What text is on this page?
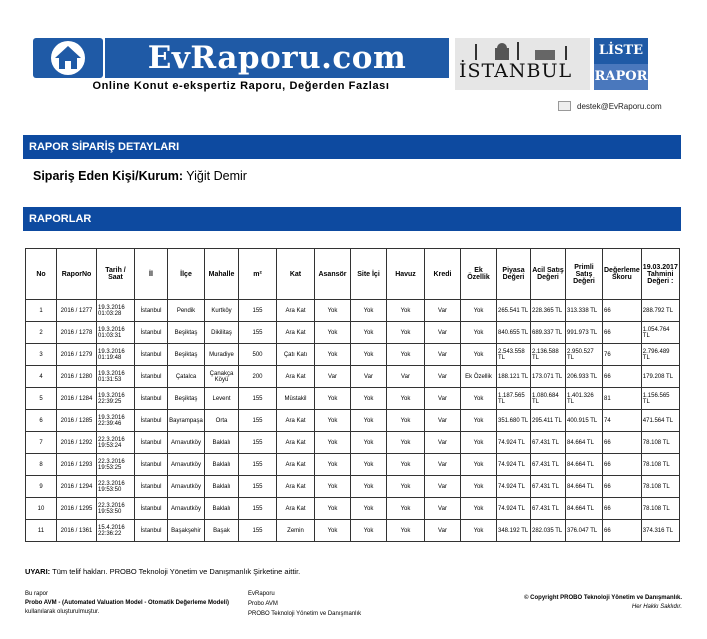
EvRaporu.com
Online Konut e-ekspertiz Raporu, Değerden Fazlası
İSTANBUL
LİSTE
RAPOR
destek@EvRaporu.com
RAPOR SİPARİŞ DETAYLARI
Sipariş Eden Kişi/Kurum: Yiğit Demir
RAPORLAR
No	RaporNo	Tarih / Saat	İl	İlçe	Mahalle	m²	Kat	Asansör	Site İçi	Havuz	Kredi	Ek Özellik	Piyasa Değeri	Acil Satış Değeri	Primli Satış Değeri	Değerleme Skoru	19.03.2017 Tahmini Değeri :
1	2016 / 1277	19.3.2016 01:03:28	İstanbul	Pendik	Kurtköy	155	Ara Kat	Yok	Yok	Yok	Var	Yok	265.541 TL	228.365 TL	313.338 TL	66	288.792 TL
2	2016 / 1278	19.3.2016 01:03:31	İstanbul	Beşiktaş	Dikilitaş	155	Ara Kat	Yok	Yok	Yok	Var	Yok	840.655 TL	689.337 TL	991.973 TL	66	1.054.764 TL
3	2016 / 1279	19.3.2016 01:19:48	İstanbul	Beşiktaş	Muradiye	500	Çatı Katı	Yok	Yok	Yok	Var	Yok	2.543.558 TL	2.136.588 TL	2.950.527 TL	76	2.796.489 TL
4	2016 / 1280	19.3.2016 01:31:53	İstanbul	Çatalca	Çanakça Köyü	200	Ara Kat	Var	Var	Var	Var	Ek Özellik	188.121 TL	173.071 TL	206.933 TL	66	179.208 TL
5	2016 / 1284	19.3.2016 22:39:25	İstanbul	Beşiktaş	Levent	155	Müstakil	Yok	Yok	Yok	Var	Yok	1.187.565 TL	1.080.684 TL	1.401.326 TL	81	1.156.565 TL
6	2016 / 1285	19.3.2016 22:39:46	İstanbul	Bayrampaşa	Orta	155	Ara Kat	Yok	Yok	Yok	Var	Yok	351.680 TL	295.411 TL	400.915 TL	74	471.564 TL
7	2016 / 1292	22.3.2016 19:53:24	İstanbul	Arnavutköy	Baklalı	155	Ara Kat	Yok	Yok	Yok	Var	Yok	74.924 TL	67.431 TL	84.664 TL	66	78.108 TL
8	2016 / 1293	22.3.2016 19:53:25	İstanbul	Arnavutköy	Baklalı	155	Ara Kat	Yok	Yok	Yok	Var	Yok	74.924 TL	67.431 TL	84.664 TL	66	78.108 TL
9	2016 / 1294	22.3.2016 19:53:50	İstanbul	Arnavutköy	Baklalı	155	Ara Kat	Yok	Yok	Yok	Var	Yok	74.924 TL	67.431 TL	84.664 TL	66	78.108 TL
10	2016 / 1295	22.3.2016 19:53:50	İstanbul	Arnavutköy	Baklalı	155	Ara Kat	Yok	Yok	Yok	Var	Yok	74.924 TL	67.431 TL	84.664 TL	66	78.108 TL
11	2016 / 1361	15.4.2016 22:36:22	İstanbul	Başakşehir	Başak	155	Zemin	Yok	Yok	Yok	Var	Yok	348.192 TL	282.035 TL	376.047 TL	66	374.316 TL
UYARI: Tüm telif hakları. PROBO Teknoloji Yönetim ve Danışmanlık Şirketine aittir.
Bu rapor
Probo AVM - (Automated Valuation Model - Otomatik Değerleme Modeli)
kullanılarak oluşturulmuştur.
EvRaporu
Probo AVM
PROBO Teknoloji Yönetim ve Danışmanlık
© Copyright PROBO Teknoloji Yönetim ve Danışmanlık.
Her Hakkı Saklıdır.
